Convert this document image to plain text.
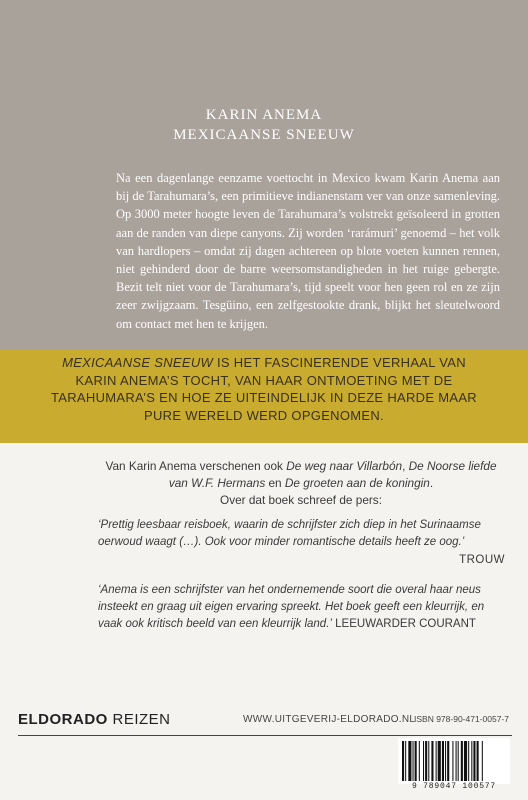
KARIN ANEMA
MEXICAANSE SNEEUW

Na een dagenlange eenzame voettocht in Mexico kwam Karin Anema aan bij de Tarahumara’s, een primitieve indianenstam ver van onze samenleving. Op 3000 meter hoogte leven de Tarahumara’s volstrekt geïsoleerd in grotten aan de randen van diepe canyons. Zij worden ‘rarámuri’ genoemd – het volk van hardlopers – omdat zij dagen achtereen op blote voeten kunnen rennen, niet gehinderd door de barre weersomstandigheden in het ruige gebergte. Bezit telt niet voor de Tarahumara’s, tijd speelt voor hen geen rol en ze zijn zeer zwijgzaam. Tesgüino, een zelfgestookte drank, blijkt het sleutelwoord om contact met hen te krijgen.

MEXICAANSE SNEEUW IS HET FASCINERENDE VERHAAL VAN KARIN ANEMA’S TOCHT, VAN HAAR ONTMOETING MET DE TARAHUMARA’S EN HOE ZE UITEINDELIJK IN DEZE HARDE MAAR PURE WERELD WERD OPGENOMEN.
Van Karin Anema verschenen ook De weg naar Villarbón, De Noorse liefde van W.F. Hermans en De groeten aan de koningin.
Over dat boek schreef de pers:
‘Prettig leesbaar reisboek, waarin de schrijfster zich diep in het Surinaamse oerwoud waagt (…). Ook voor minder romantische details heeft ze oog.’
TROUW
‘Anema is een schrijfster van het ondernemende soort die overal haar neus insteekt en graag uit eigen ervaring spreekt. Het boek geeft een kleurrijk, en vaak ook kritisch beeld van een kleurrijk land.’ LEEUWARDER COURANT
ELDORADO REIZEN	WWW.UITGEVERIJ-ELDORADO.NL
ISBN 978-90-471-0057-7
9 789047 100577
